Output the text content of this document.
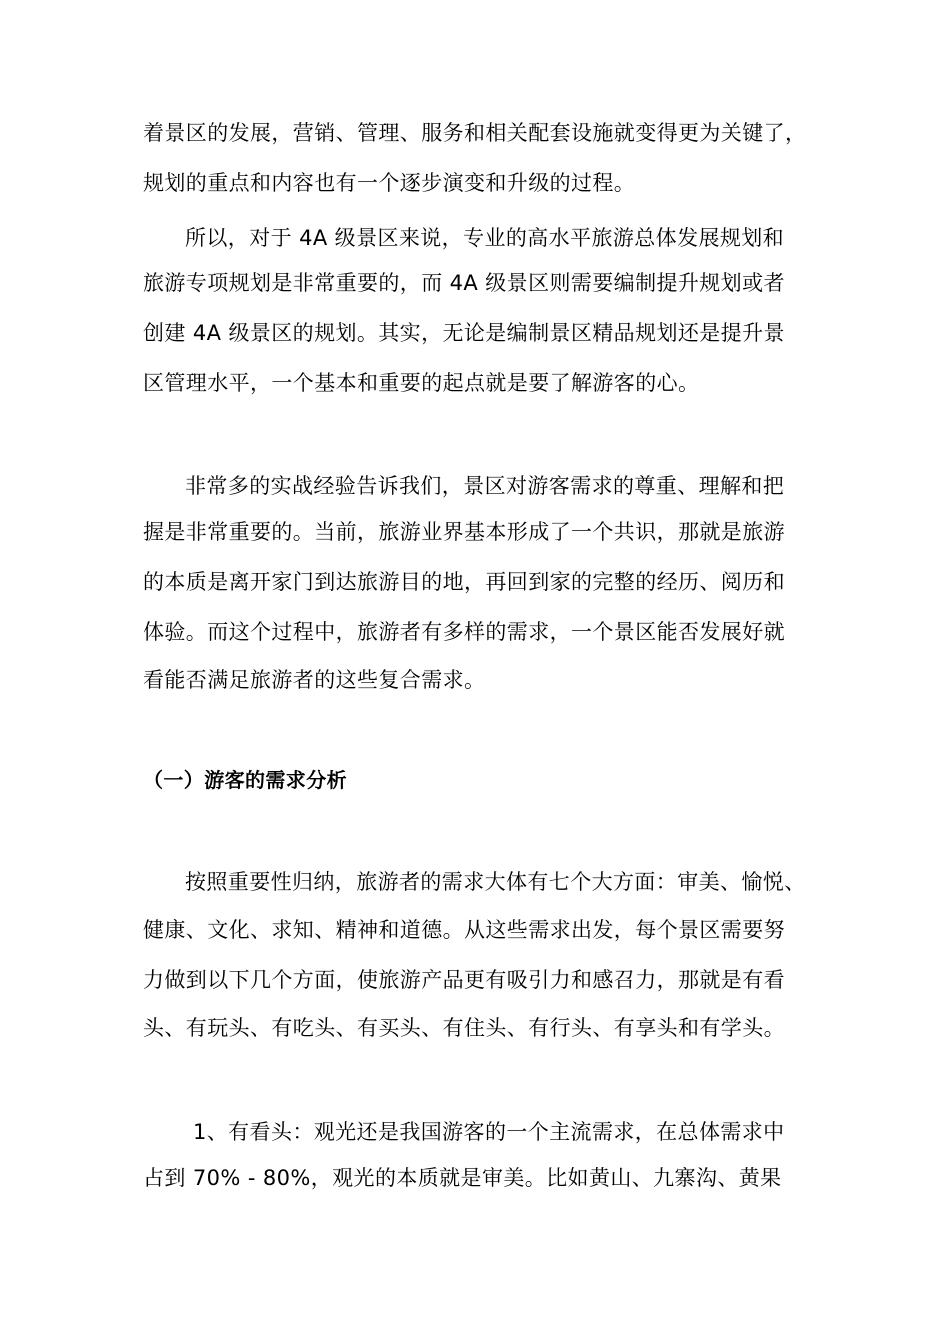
着景区的发展，营销、管理、服务和相关配套设施就变得更为关键了，
规划的重点和内容也有一个逐步演变和升级的过程。
所以，对于 4A 级景区来说，专业的高水平旅游总体发展规划和
旅游专项规划是非常重要的，而 4A 级景区则需要编制提升规划或者
创建 4A 级景区的规划。其实，无论是编制景区精品规划还是提升景
区管理水平，一个基本和重要的起点就是要了解游客的心。
非常多的实战经验告诉我们，景区对游客需求的尊重、理解和把
握是非常重要的。当前，旅游业界基本形成了一个共识，那就是旅游
的本质是离开家门到达旅游目的地，再回到家的完整的经历、阅历和
体验。而这个过程中，旅游者有多样的需求，一个景区能否发展好就
看能否满足旅游者的这些复合需求。
（一）游客的需求分析
按照重要性归纳，旅游者的需求大体有七个大方面：审美、愉悦、
健康、文化、求知、精神和道德。从这些需求出发，每个景区需要努
力做到以下几个方面，使旅游产品更有吸引力和感召力，那就是有看
头、有玩头、有吃头、有买头、有住头、有行头、有享头和有学头。
1、有看头：观光还是我国游客的一个主流需求，在总体需求中
占到 70% - 80%，观光的本质就是审美。比如黄山、九寨沟、黄果
